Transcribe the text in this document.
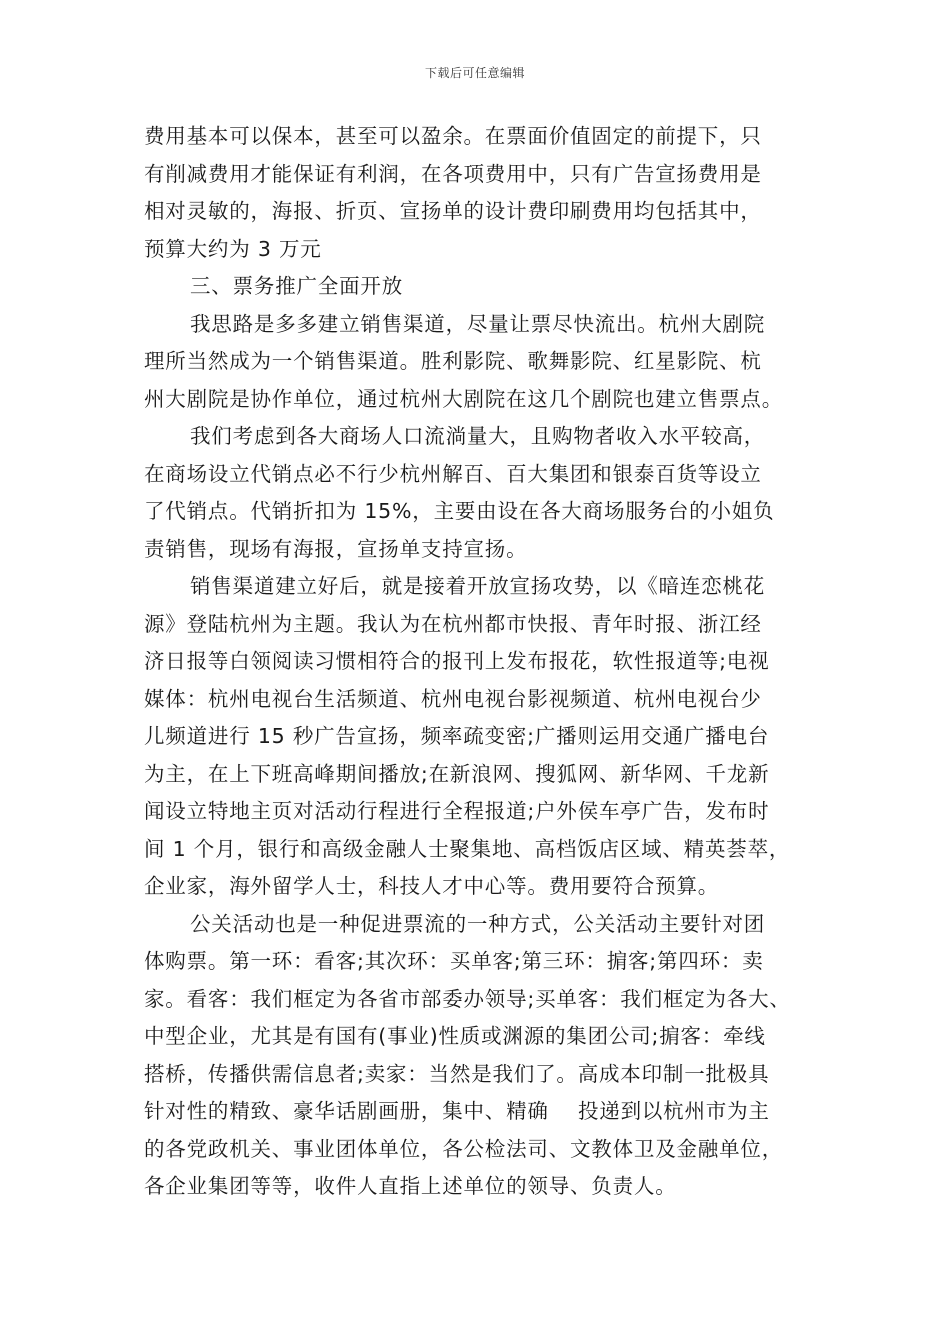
下载后可任意编辑
费用基本可以保本，甚至可以盈余。在票面价值固定的前提下，只
有削减费用才能保证有利润，在各项费用中，只有广告宣扬费用是
相对灵敏的，海报、折页、宣扬单的设计费印刷费用均包括其中，
预算大约为 3 万元
三、票务推广全面开放
我思路是多多建立销售渠道，尽量让票尽快流出。杭州大剧院
理所当然成为一个销售渠道。胜利影院、歌舞影院、红星影院、杭
州大剧院是协作单位，通过杭州大剧院在这几个剧院也建立售票点。
我们考虑到各大商场人口流淌量大，且购物者收入水平较高，
在商场设立代销点必不行少杭州解百、百大集团和银泰百货等设立
了代销点。代销折扣为 15%，主要由设在各大商场服务台的小姐负
责销售，现场有海报，宣扬单支持宣扬。
销售渠道建立好后，就是接着开放宣扬攻势，以《暗连恋桃花
源》登陆杭州为主题。我认为在杭州都市快报、青年时报、浙江经
济日报等白领阅读习惯相符合的报刊上发布报花，软性报道等;电视
媒体：杭州电视台生活频道、杭州电视台影视频道、杭州电视台少
儿频道进行 15 秒广告宣扬，频率疏变密;广播则运用交通广播电台
为主，在上下班高峰期间播放;在新浪网、搜狐网、新华网、千龙新
闻设立特地主页对活动行程进行全程报道;户外侯车亭广告，发布时
间 1 个月，银行和高级金融人士聚集地、高档饭店区域、精英荟萃，
企业家，海外留学人士，科技人才中心等。费用要符合预算。
公关活动也是一种促进票流的一种方式，公关活动主要针对团
体购票。第一环：看客;其次环：买单客;第三环：掮客;第四环：卖
家。看客：我们框定为各省市部委办领导;买单客：我们框定为各大、
中型企业，尤其是有国有(事业)性质或渊源的集团公司;掮客：牵线
搭桥，传播供需信息者;卖家：当然是我们了。高成本印制一批极具
针对性的精致、豪华话剧画册，集中、精确    投递到以杭州市为主
的各党政机关、事业团体单位，各公检法司、文教体卫及金融单位，
各企业集团等等，收件人直指上述单位的领导、负责人。
